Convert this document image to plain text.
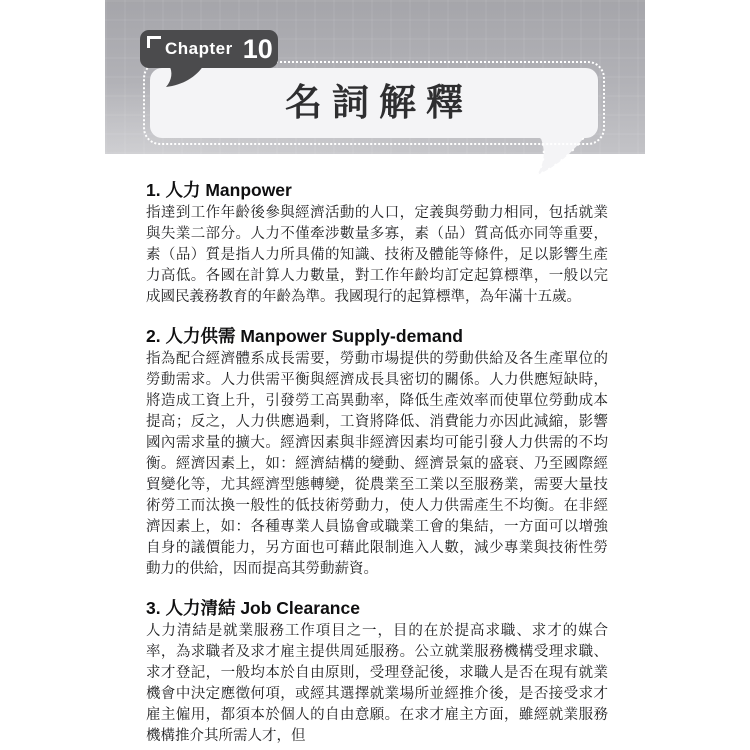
名詞解釋
Chapter 10
1. 人力 Manpower

指達到工作年齡後參與經濟活動的人口，定義與勞動力相同，包括就業與失業二部分。人力不僅牽涉數量多寡，素（品）質高低亦同等重要，素（品）質是指人力所具備的知識、技術及體能等條件，足以影響生產力高低。各國在計算人力數量，對工作年齡均訂定起算標準，一般以完成國民義務教育的年齡為準。我國現行的起算標準，為年滿十五歲。

2. 人力供需 Manpower Supply-demand

指為配合經濟體系成長需要，勞動市場提供的勞動供給及各生產單位的勞動需求。人力供需平衡與經濟成長具密切的關係。人力供應短缺時，將造成工資上升，引發勞工高異動率，降低生產效率而使單位勞動成本提高；反之，人力供應過剩，工資將降低、消費能力亦因此減縮，影響國內需求量的擴大。經濟因素與非經濟因素均可能引發人力供需的不均衡。經濟因素上，如：經濟結構的變動、經濟景氣的盛衰、乃至國際經貿變化等，尤其經濟型態轉變，從農業至工業以至服務業，需要大量技術勞工而汰換一般性的低技術勞動力，使人力供需產生不均衡。在非經濟因素上，如：各種專業人員協會或職業工會的集結，一方面可以增強自身的議價能力，另方面也可藉此限制進入人數，減少專業與技術性勞動力的供給，因而提高其勞動薪資。

3. 人力清結 Job Clearance

人力清結是就業服務工作項目之一，目的在於提高求職、求才的媒合率，為求職者及求才雇主提供周延服務。公立就業服務機構受理求職、求才登記，一般均本於自由原則，受理登記後，求職人是否在現有就業機會中決定應徵何項，或經其選擇就業場所並經推介後，是否接受求才雇主僱用，都須本於個人的自由意願。在求才雇主方面，雖經就業服務機構推介其所需人才，但
